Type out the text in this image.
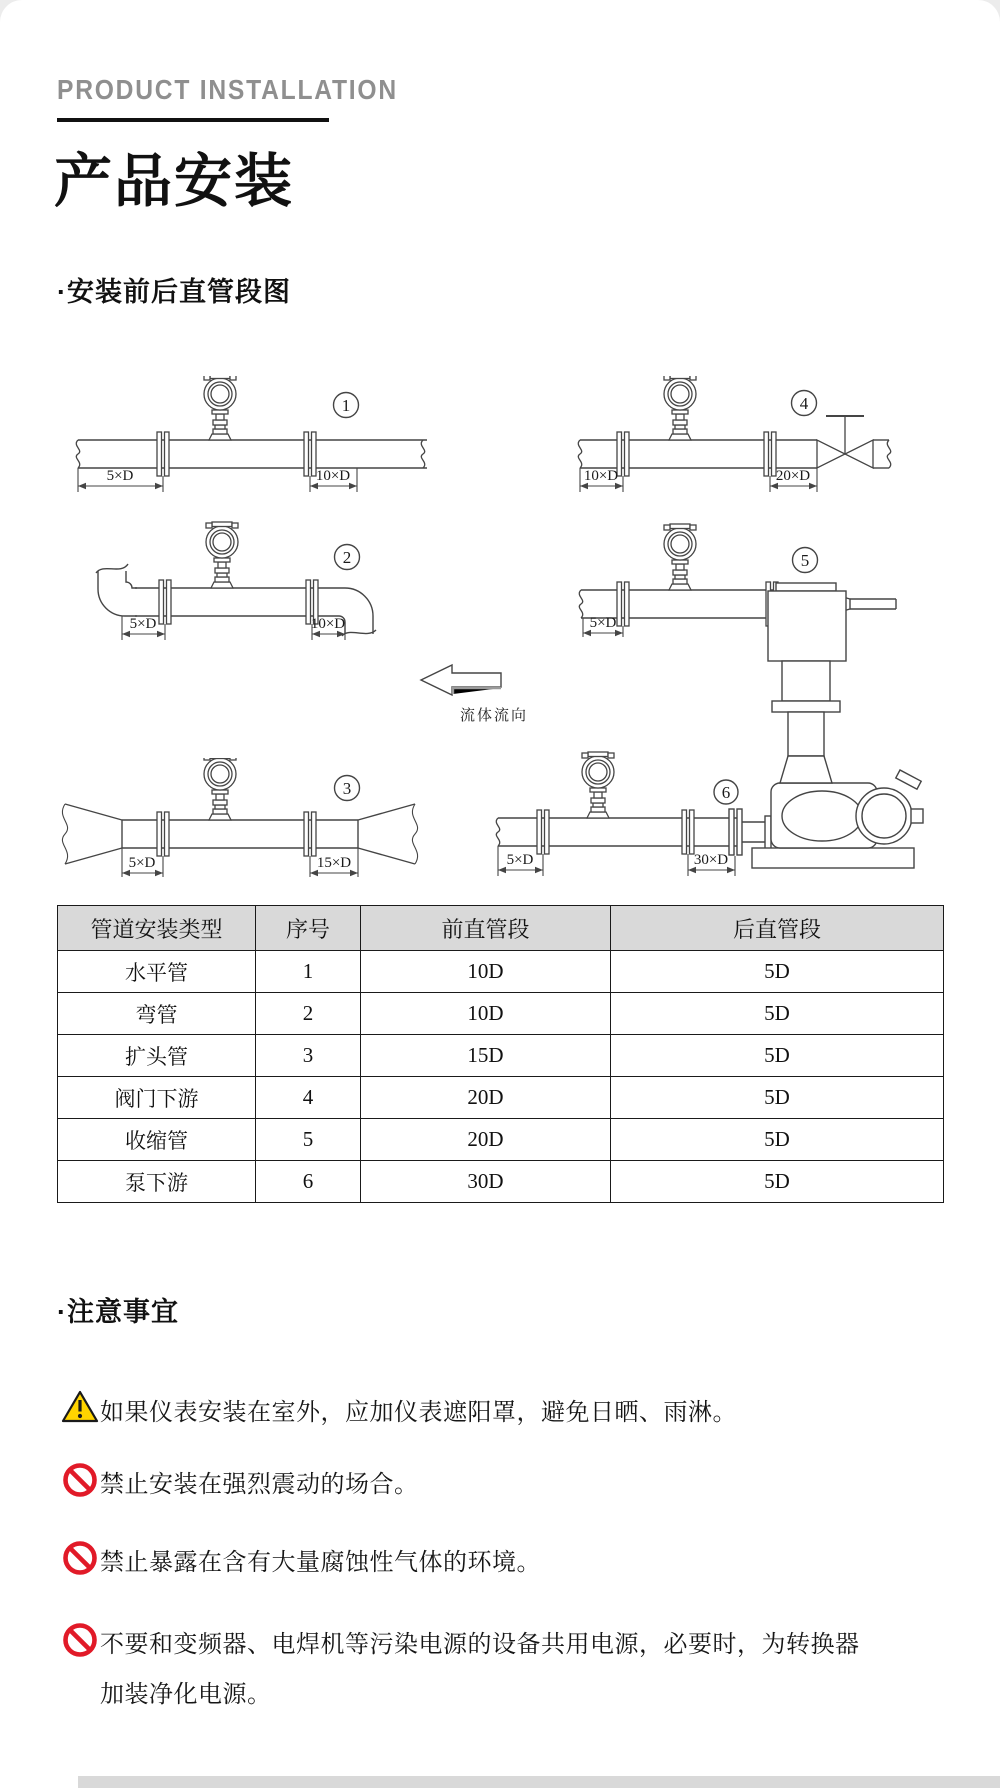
PRODUCT INSTALLATION
产品安装
·安装前后直管段图
1
5×D	10×D
4
10×D	20×D
2
5×D	10×D
5
5×D
流体流向
3
5×D	15×D
6
5×D	30×D
管道安装类型	序号	前直管段	后直管段
水平管	1	10D	5D
弯管	2	10D	5D
扩头管	3	15D	5D
阀门下游	4	20D	5D
收缩管	5	20D	5D
泵下游	6	30D	5D
·注意事宜
如果仪表安装在室外，应加仪表遮阳罩，避免日晒、雨淋。
禁止安装在强烈震动的场合。
禁止暴露在含有大量腐蚀性气体的环境。
不要和变频器、电焊机等污染电源的设备共用电源，必要时，为转换器加装净化电源。
